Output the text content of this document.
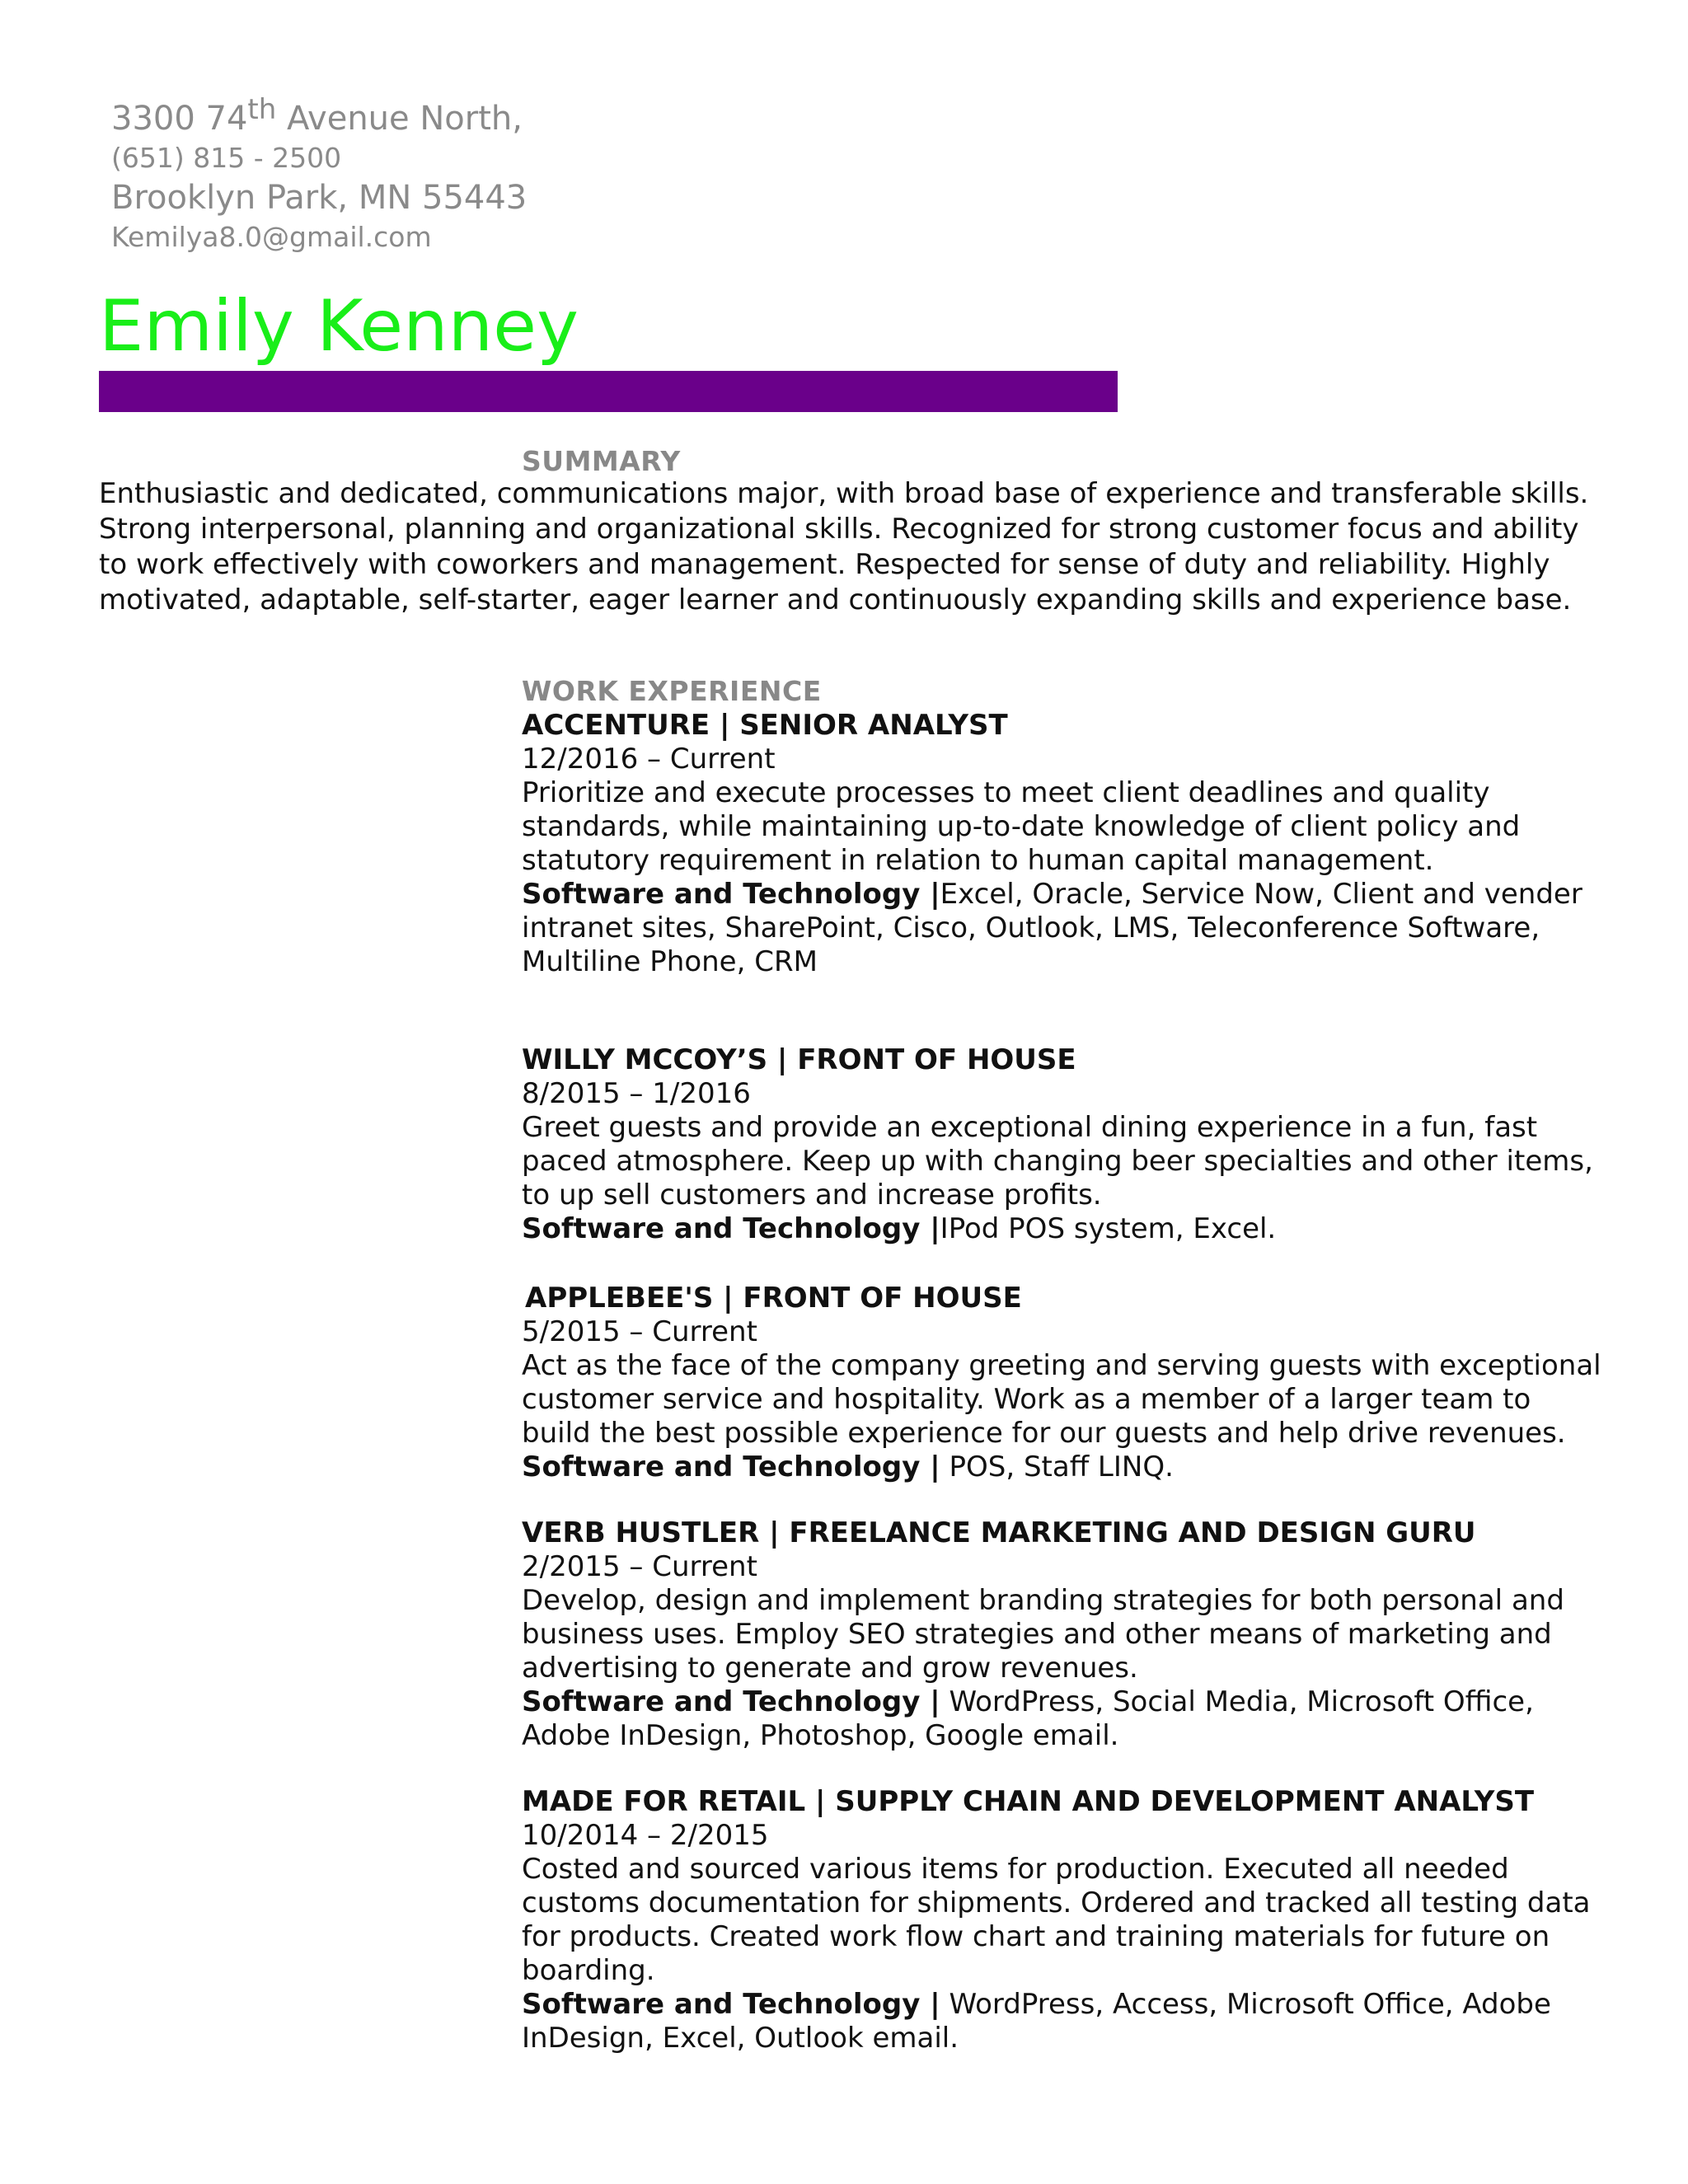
3300 74th Avenue North,
(651) 815 - 2500
Brooklyn Park, MN 55443
Kemilya8.0@gmail.com
Emily Kenney
SUMMARY
Enthusiastic and dedicated, communications major, with broad base of experience and transferable skills.
Strong interpersonal, planning and organizational skills. Recognized for strong customer focus and ability
to work effectively with coworkers and management. Respected for sense of duty and reliability. Highly
motivated, adaptable, self-starter, eager learner and continuously expanding skills and experience base.
WORK EXPERIENCE
ACCENTURE | SENIOR ANALYST
12/2016 – Current
Prioritize and execute processes to meet client deadlines and quality
standards, while maintaining up-to-date knowledge of client policy and
statutory requirement in relation to human capital management.
Software and Technology |Excel, Oracle, Service Now, Client and vender
intranet sites, SharePoint, Cisco, Outlook, LMS, Teleconference Software,
Multiline Phone, CRM
WILLY MCCOY’S | FRONT OF HOUSE
8/2015 – 1/2016
Greet guests and provide an exceptional dining experience in a fun, fast
paced atmosphere. Keep up with changing beer specialties and other items,
to up sell customers and increase profits.
Software and Technology |IPod POS system, Excel.
APPLEBEE'S | FRONT OF HOUSE
5/2015 – Current
Act as the face of the company greeting and serving guests with exceptional
customer service and hospitality. Work as a member of a larger team to
build the best possible experience for our guests and help drive revenues.
Software and Technology | POS, Staff LINQ.
VERB HUSTLER | FREELANCE MARKETING AND DESIGN GURU
2/2015 – Current
Develop, design and implement branding strategies for both personal and
business uses. Employ SEO strategies and other means of marketing and
advertising to generate and grow revenues.
Software and Technology | WordPress, Social Media, Microsoft Office,
Adobe InDesign, Photoshop, Google email.
MADE FOR RETAIL | SUPPLY CHAIN AND DEVELOPMENT ANALYST
10/2014 – 2/2015
Costed and sourced various items for production. Executed all needed
customs documentation for shipments. Ordered and tracked all testing data
for products. Created work flow chart and training materials for future on
boarding.
Software and Technology | WordPress, Access, Microsoft Office, Adobe
InDesign, Excel, Outlook email.
